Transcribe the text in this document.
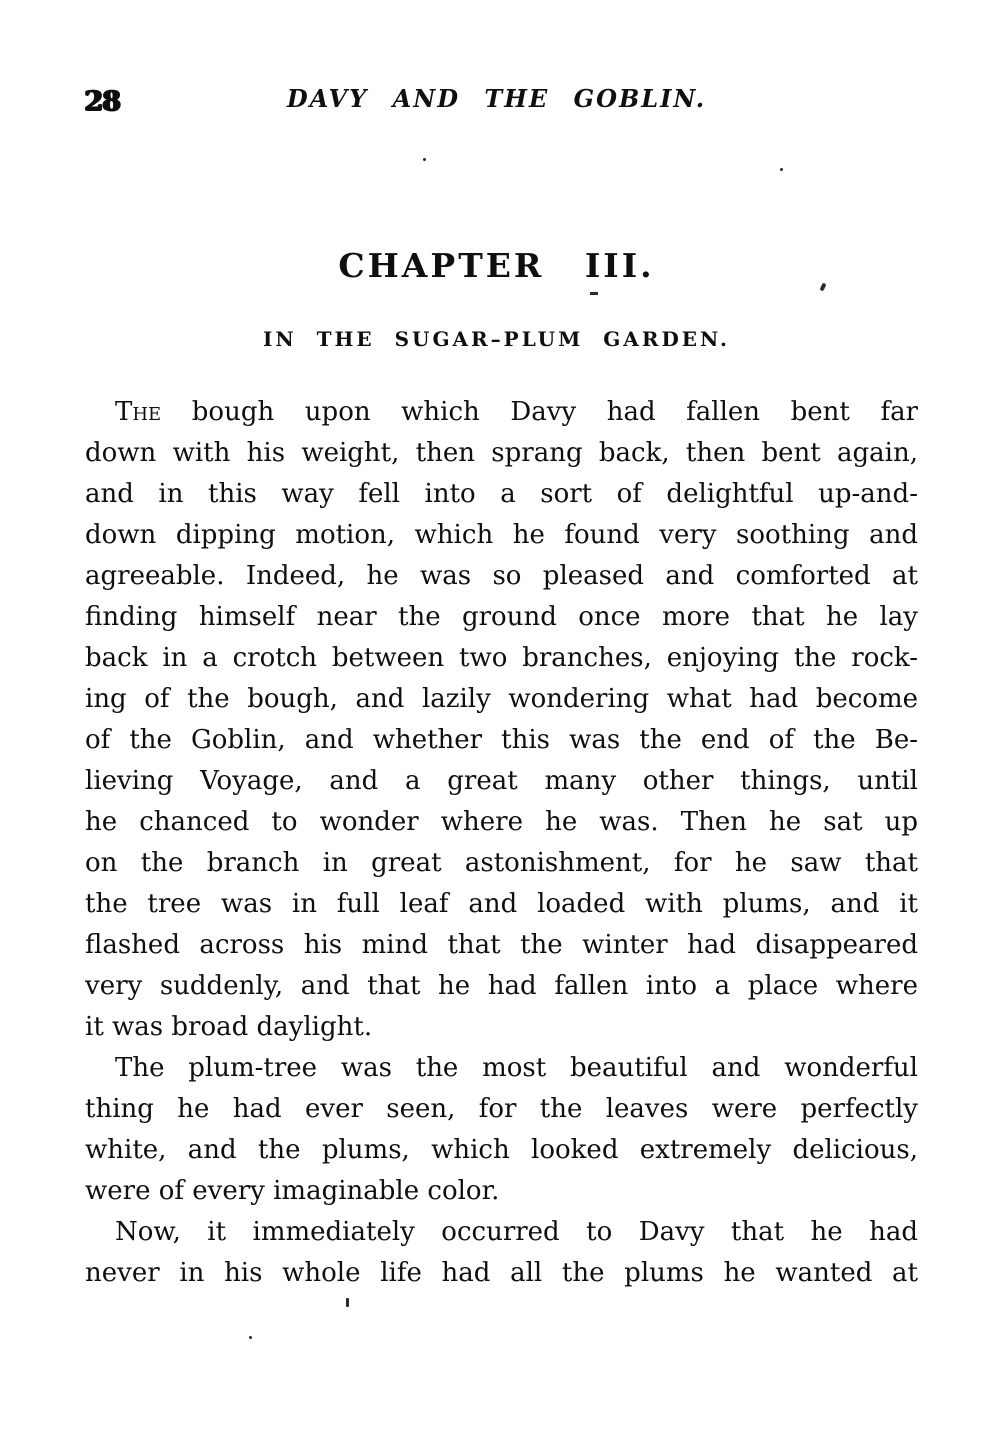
28	DAVY AND THE GOBLIN.
CHAPTER III.
IN THE SUGAR–PLUM GARDEN.
The bough upon which Davy had fallen bent far
down with his weight, then sprang back, then bent again,
and in this way fell into a sort of delightful up-and-
down dipping motion, which he found very soothing and
agreeable. Indeed, he was so pleased and comforted at
finding himself near the ground once more that he lay
back in a crotch between two branches, enjoying the rock-
ing of the bough, and lazily wondering what had become
of the Goblin, and whether this was the end of the Be-
lieving Voyage, and a great many other things, until
he chanced to wonder where he was. Then he sat up
on the branch in great astonishment, for he saw that
the tree was in full leaf and loaded with plums, and it
flashed across his mind that the winter had disappeared
very suddenly, and that he had fallen into a place where
it was broad daylight.
The plum-tree was the most beautiful and wonderful
thing he had ever seen, for the leaves were perfectly
white, and the plums, which looked extremely delicious,
were of every imaginable color.
Now, it immediately occurred to Davy that he had
never in his whole life had all the plums he wanted at
